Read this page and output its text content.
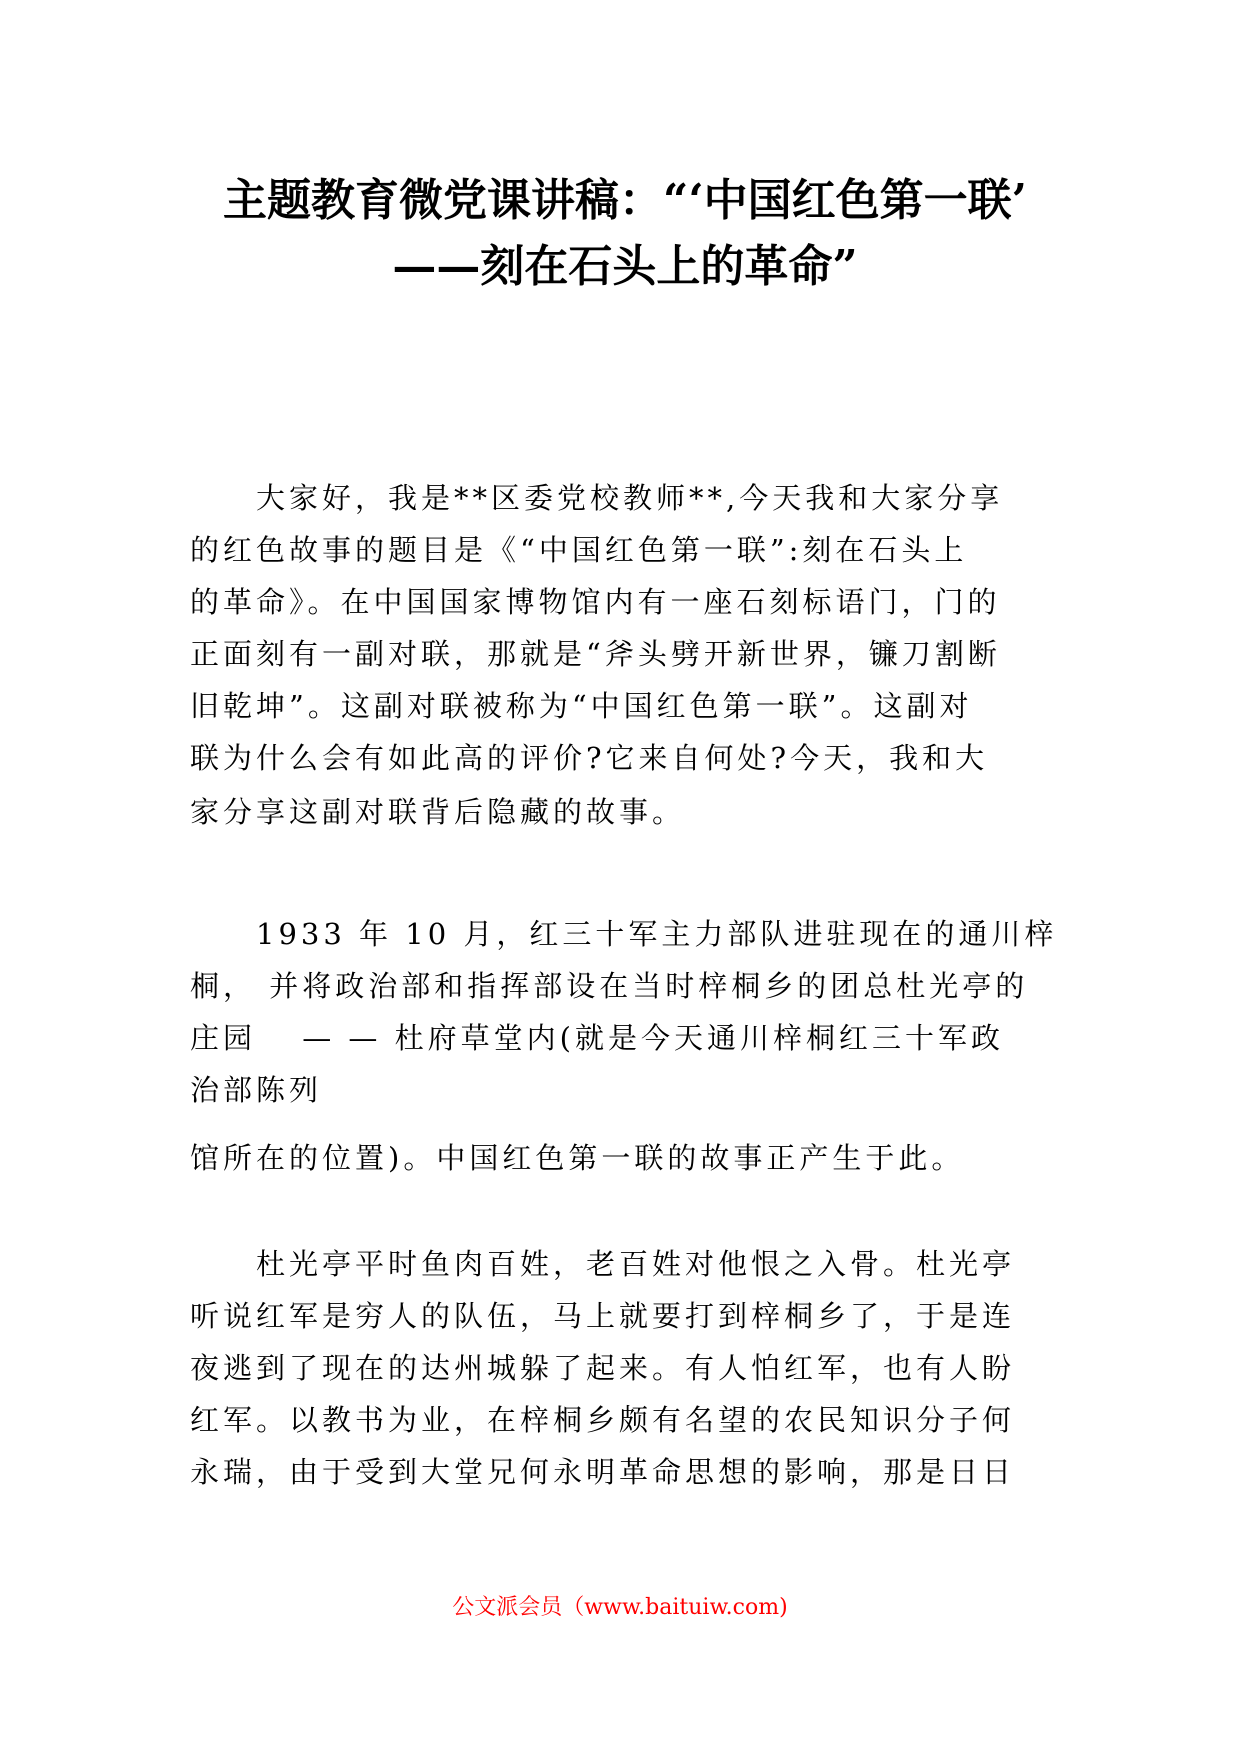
主题教育微党课讲稿：“‘中国红色第一联’
——刻在石头上的革命”
大家好，我是**区委党校教师**,今天我和大家分享
的红色故事的题目是《“中国红色第一联”:刻在石头上
的革命》。在中国国家博物馆内有一座石刻标语门，门的
正面刻有一副对联，那就是“斧头劈开新世界，镰刀割断
旧乾坤”。这副对联被称为“中国红色第一联”。这副对
联为什么会有如此高的评价?它来自何处?今天，我和大
家分享这副对联背后隐藏的故事。
1933 年 10 月，红三十军主力部队进驻现在的通川梓
桐， 并将政治部和指挥部设在当时梓桐乡的团总杜光亭的
庄园　 — — 杜府草堂内(就是今天通川梓桐红三十军政
治部陈列
馆所在的位置)。中国红色第一联的故事正产生于此。
杜光亭平时鱼肉百姓，老百姓对他恨之入骨。杜光亭
听说红军是穷人的队伍，马上就要打到梓桐乡了，于是连
夜逃到了现在的达州城躲了起来。有人怕红军，也有人盼
红军。以教书为业，在梓桐乡颇有名望的农民知识分子何
永瑞，由于受到大堂兄何永明革命思想的影响，那是日日
公文派会员（www.baituiw.com)
